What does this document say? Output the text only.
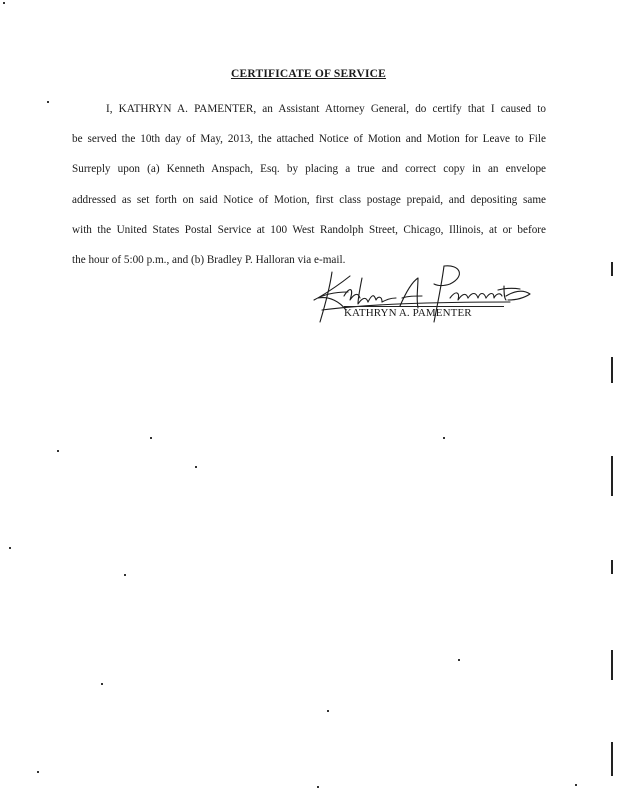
CERTIFICATE OF SERVICE
I, KATHRYN A. PAMENTER, an Assistant Attorney General, do certify that I caused to
be served the 10th day of May, 2013, the attached Notice of Motion and Motion for Leave to File
Surreply upon (a) Kenneth Anspach, Esq. by placing a true and correct copy in an envelope
addressed as set forth on said Notice of Motion, first class postage prepaid, and depositing same
with the United States Postal Service at 100 West Randolph Street, Chicago, Illinois, at or before
the hour of 5:00 p.m., and (b) Bradley P. Halloran via e-mail.
KATHRYN A. PAMENTER
